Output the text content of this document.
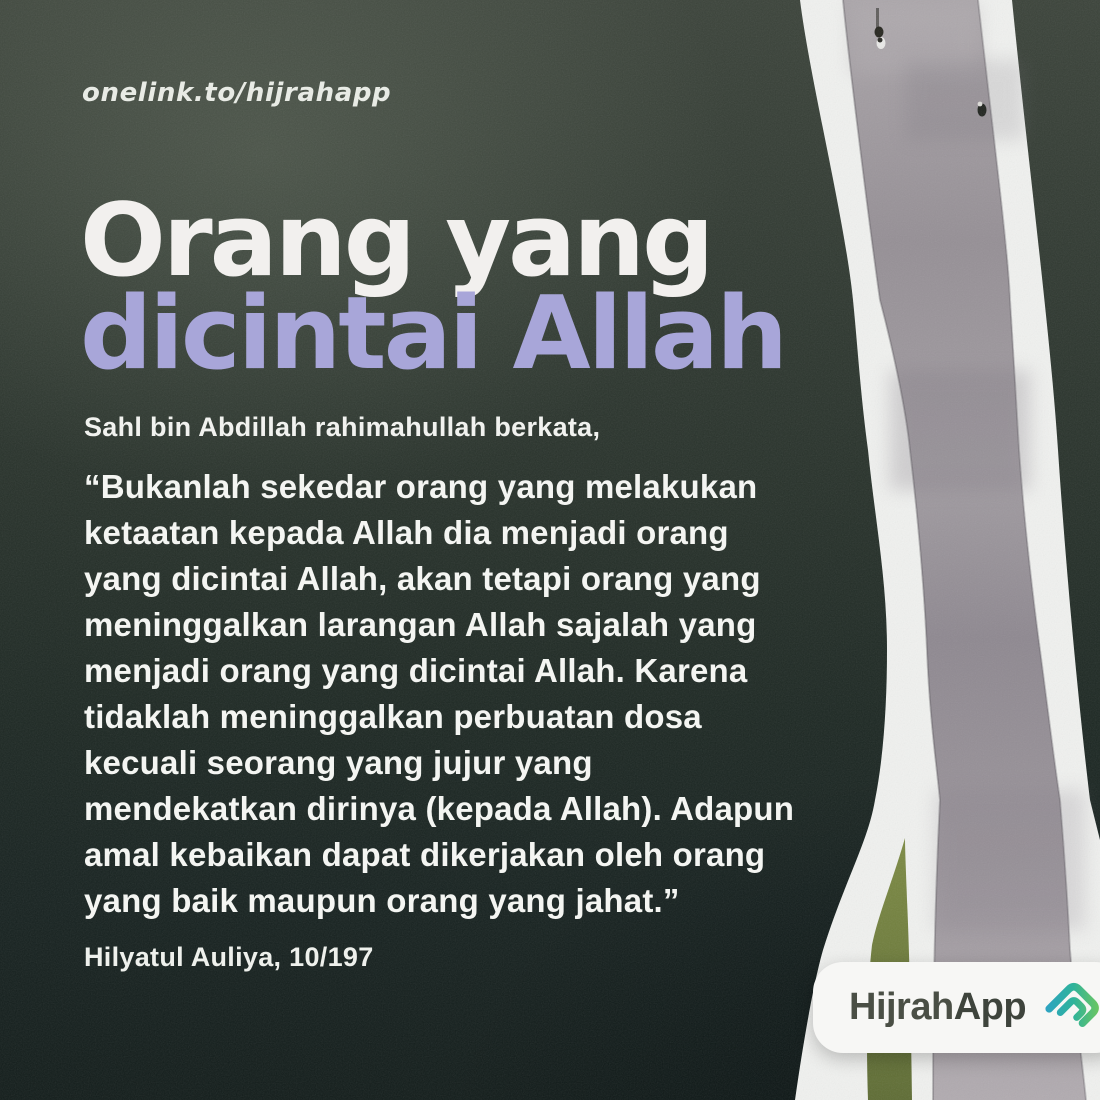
onelink.to/hijrahapp
Orang yang
dicintai Allah
Sahl bin Abdillah rahimahullah berkata,
“Bukanlah sekedar orang yang melakukan
ketaatan kepada Allah dia menjadi orang
yang dicintai Allah, akan tetapi orang yang
meninggalkan larangan Allah sajalah yang
menjadi orang yang dicintai Allah. Karena
tidaklah meninggalkan perbuatan dosa
kecuali seorang yang jujur yang
mendekatkan dirinya (kepada Allah). Adapun
amal kebaikan dapat dikerjakan oleh orang
yang baik maupun orang yang jahat.”
Hilyatul Auliya, 10/197
HijrahApp
